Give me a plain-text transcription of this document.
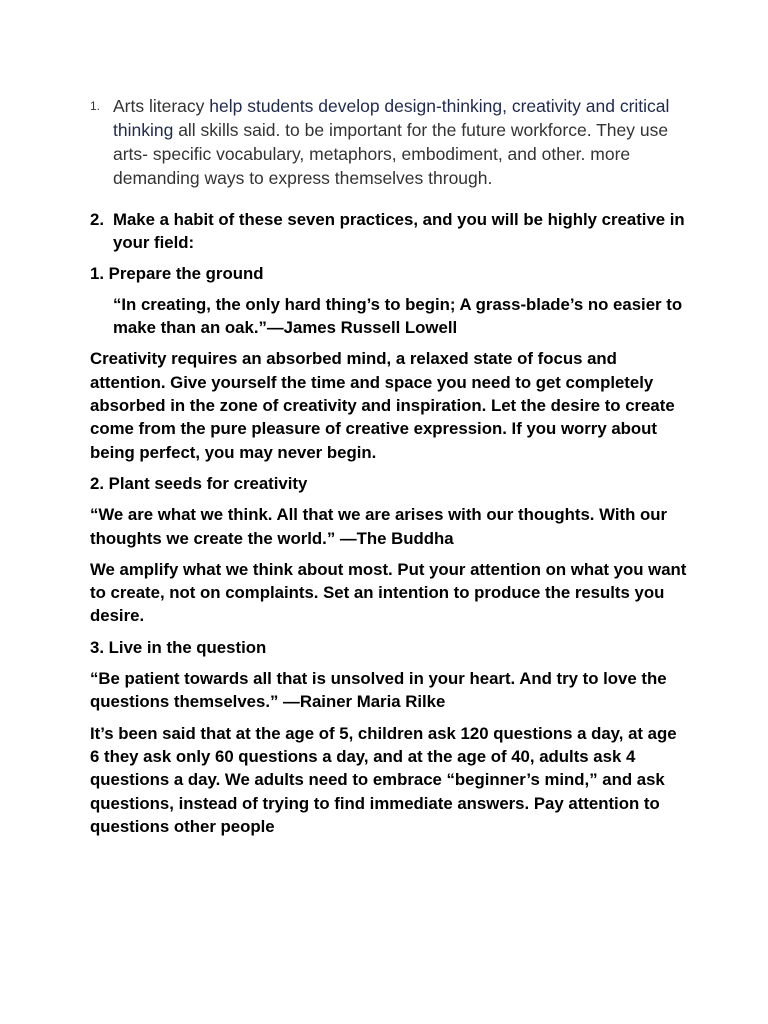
1. Arts literacy help students develop design-thinking, creativity and critical thinking all skills said. to be important for the future workforce. They use arts- specific vocabulary, metaphors, embodiment, and other. more demanding ways to express themselves through.
2. Make a habit of these seven practices, and you will be highly creative in your field:
1. Prepare the ground
“In creating, the only hard thing’s to begin; A grass-blade’s no easier to make than an oak.”—James Russell Lowell
Creativity requires an absorbed mind, a relaxed state of focus and attention. Give yourself the time and space you need to get completely absorbed in the zone of creativity and inspiration. Let the desire to create come from the pure pleasure of creative expression. If you worry about being perfect, you may never begin.
2. Plant seeds for creativity
“We are what we think. All that we are arises with our thoughts. With our thoughts we create the world.” —The Buddha
We amplify what we think about most. Put your attention on what you want to create, not on complaints. Set an intention to produce the results you desire.
3. Live in the question
“Be patient towards all that is unsolved in your heart. And try to love the questions themselves.” —Rainer Maria Rilke
It’s been said that at the age of 5, children ask 120 questions a day, at age 6 they ask only 60 questions a day, and at the age of 40, adults ask 4 questions a day. We adults need to embrace “beginner’s mind,” and ask questions, instead of trying to find immediate answers. Pay attention to questions other people
